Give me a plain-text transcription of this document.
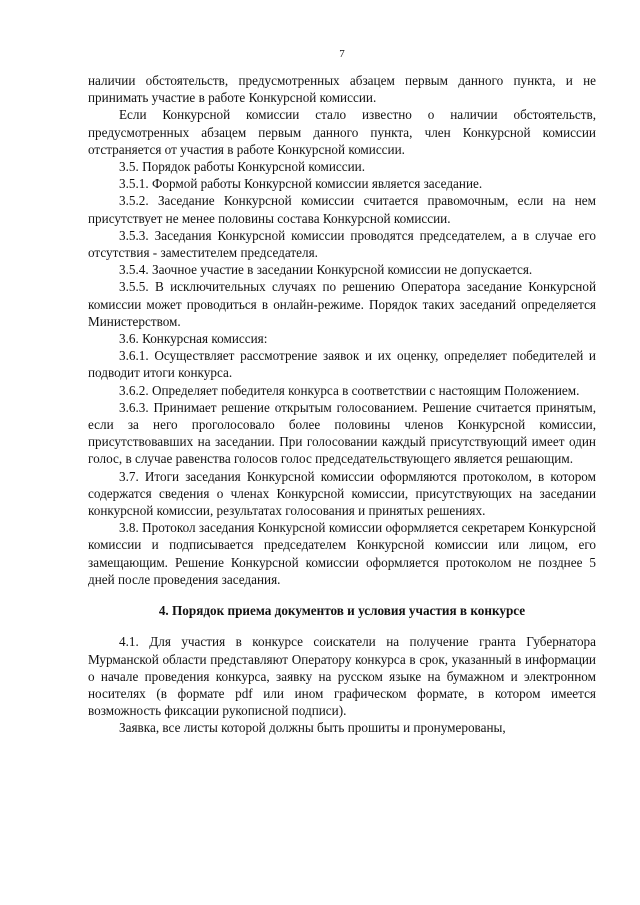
7

наличии обстоятельств, предусмотренных абзацем первым данного пункта, и не принимать участие в работе Конкурсной комиссии.

Если Конкурсной комиссии стало известно о наличии обстоятельств, предусмотренных абзацем первым данного пункта, член Конкурсной комиссии отстраняется от участия в работе Конкурсной комиссии.

3.5. Порядок работы Конкурсной комиссии.

3.5.1. Формой работы Конкурсной комиссии является заседание.

3.5.2. Заседание Конкурсной комиссии считается правомочным, если на нем присутствует не менее половины состава Конкурсной комиссии.

3.5.3. Заседания Конкурсной комиссии проводятся председателем, а в случае его отсутствия - заместителем председателя.

3.5.4. Заочное участие в заседании Конкурсной комиссии не допускается.

3.5.5. В исключительных случаях по решению Оператора заседание Конкурсной комиссии может проводиться в онлайн-режиме. Порядок таких заседаний определяется Министерством.

3.6. Конкурсная комиссия:

3.6.1. Осуществляет рассмотрение заявок и их оценку, определяет победителей и подводит итоги конкурса.

3.6.2. Определяет победителя конкурса в соответствии с настоящим Положением.

3.6.3. Принимает решение открытым голосованием. Решение считается принятым, если за него проголосовало более половины членов Конкурсной комиссии, присутствовавших на заседании. При голосовании каждый присутствующий имеет один голос, в случае равенства голосов голос председательствующего является решающим.

3.7. Итоги заседания Конкурсной комиссии оформляются протоколом, в котором содержатся сведения о членах Конкурсной комиссии, присутствующих на заседании конкурсной комиссии, результатах голосования и принятых решениях.

3.8. Протокол заседания Конкурсной комиссии оформляется секретарем Конкурсной комиссии и подписывается председателем Конкурсной комиссии или лицом, его замещающим. Решение Конкурсной комиссии оформляется протоколом не позднее 5 дней после проведения заседания.

4. Порядок приема документов и условия участия в конкурсе

4.1. Для участия в конкурсе соискатели на получение гранта Губернатора Мурманской области представляют Оператору конкурса в срок, указанный в информации о начале проведения конкурса, заявку на русском языке на бумажном и электронном носителях (в формате pdf или ином графическом формате, в котором имеется возможность фиксации рукописной подписи).

Заявка, все листы которой должны быть прошиты и пронумерованы,
